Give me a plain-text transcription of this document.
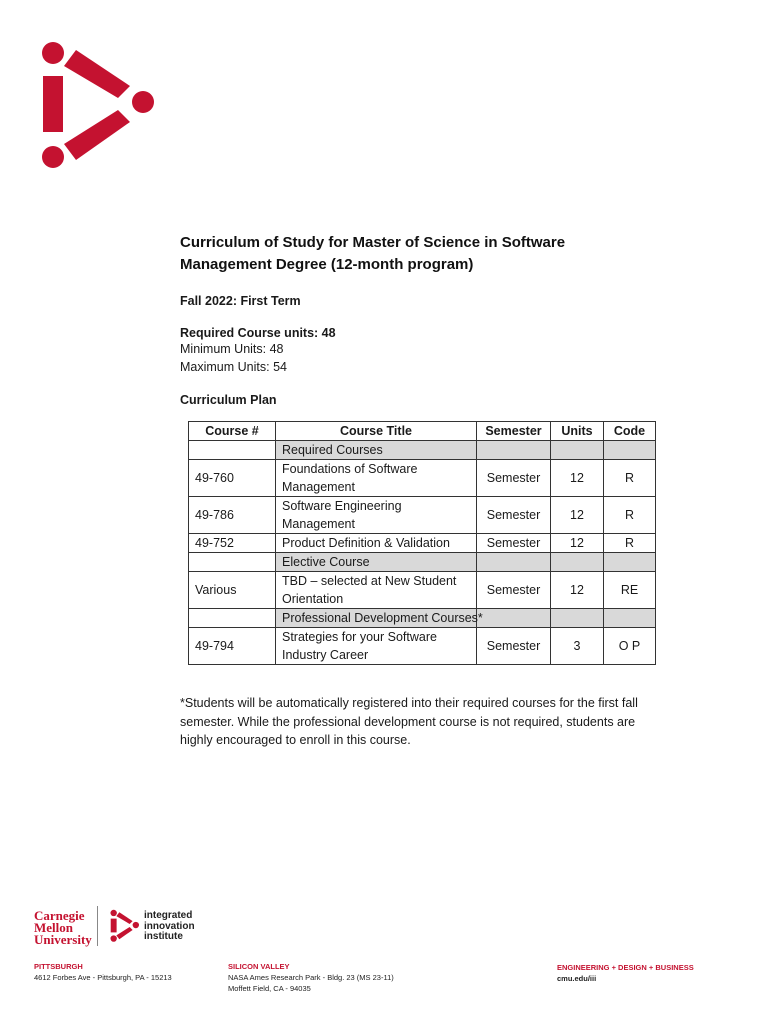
Curriculum of Study for Master of Science in Software
Management Degree (12-month program)
Fall 2022: First Term
Required Course units: 48
Minimum Units: 48
Maximum Units: 54
Curriculum Plan
Course #	Course Title	Semester	Units	Code
	Required Courses			
49-760	Foundations of Software Management	Semester	12	R
49-786	Software Engineering Management	Semester	12	R
49-752	Product Definition & Validation	Semester	12	R
	Elective Course			
Various	TBD – selected at New Student Orientation	Semester	12	RE
	Professional Development Courses*			
49-794	Strategies for your Software Industry Career	Semester	3	O P
*Students will be automatically registered into their required courses for the first fall semester. While the professional development course is not required, students are highly encouraged to enroll in this course.
Carnegie
Mellon
University
integrated
innovation
institute
PITTSBURGH
4612 Forbes Ave - Pittsburgh, PA - 15213
SILICON VALLEY
NASA Ames Research Park - Bldg. 23 (MS 23-11)
Moffett Field, CA - 94035
ENGINEERING + DESIGN + BUSINESS
cmu.edu/iii
